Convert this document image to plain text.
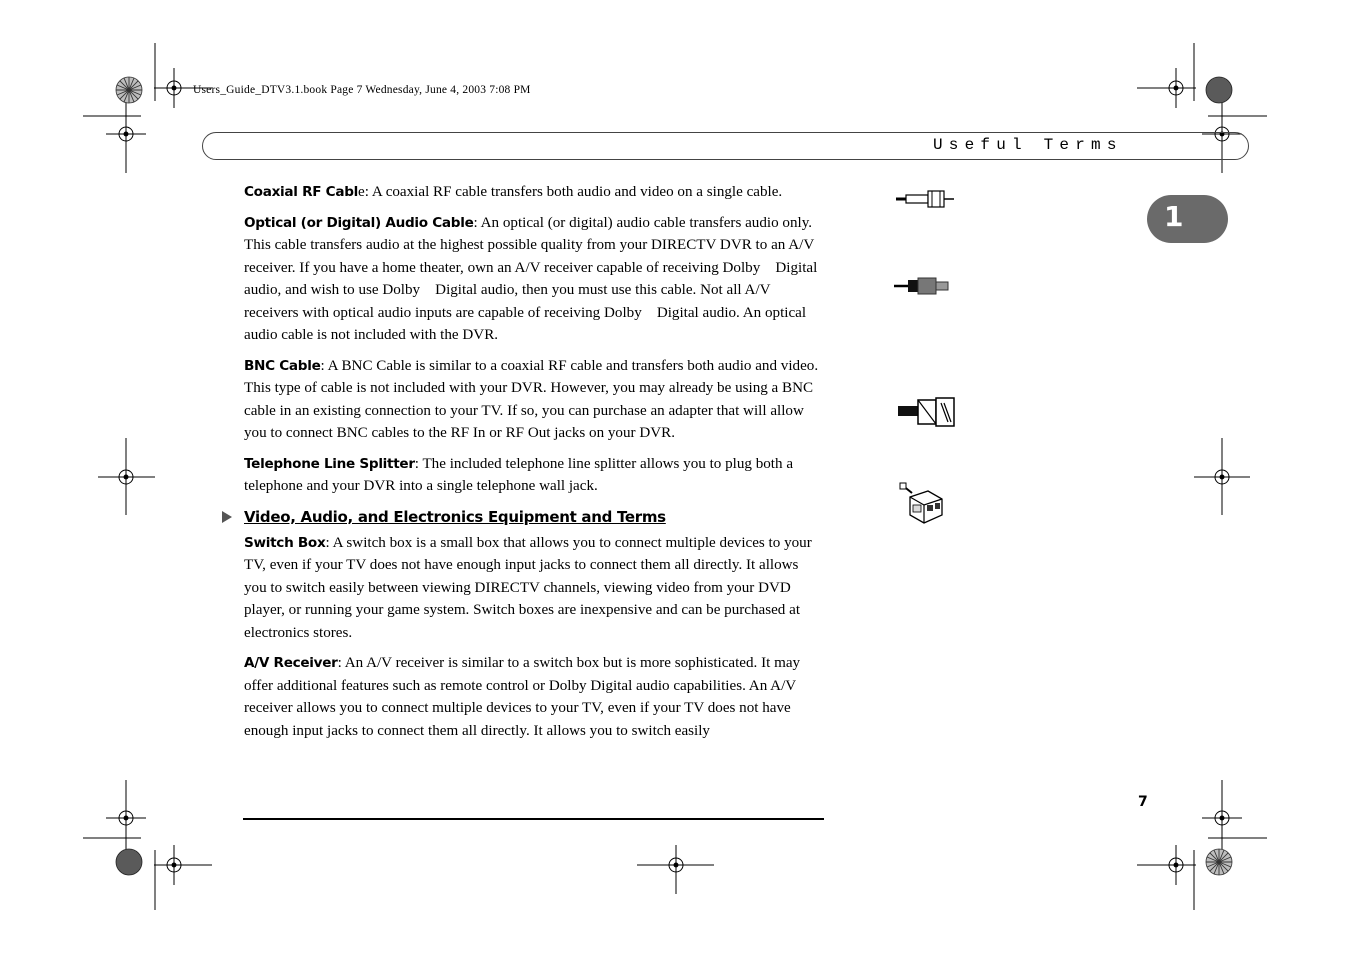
Users_Guide_DTV3.1.book Page 7 Wednesday, June 4, 2003 7:08 PM
Useful Terms
1

Coaxial RF Cable: A coaxial RF cable transfers both audio and video on a single cable.

Optical (or Digital) Audio Cable: An optical (or digital) audio cable transfers audio only. This cable transfers audio at the highest possible quality from your DIRECTV DVR to an A/V receiver. If you have a home theater, own an A/V receiver capable of receiving Dolby    Digital audio, and wish to use Dolby    Digital audio, then you must use this cable. Not all A/V receivers with optical audio inputs are capable of receiving Dolby    Digital audio. An optical audio cable is not included with the DVR.

BNC Cable: A BNC Cable is similar to a coaxial RF cable and transfers both audio and video. This type of cable is not included with your DVR. However, you may already be using a BNC cable in an existing connection to your TV. If so, you can purchase an adapter that will allow you to connect BNC cables to the RF In or RF Out jacks on your DVR.

Telephone Line Splitter: The included telephone line splitter allows you to plug both a telephone and your DVR into a single telephone wall jack.

Video, Audio, and Electronics Equipment and Terms

Switch Box: A switch box is a small box that allows you to connect multiple devices to your TV, even if your TV does not have enough input jacks to connect them all directly. It allows you to switch easily between viewing DIRECTV channels, viewing video from your DVD player, or running your game system. Switch boxes are inexpensive and can be purchased at electronics stores.

A/V Receiver: An A/V receiver is similar to a switch box but is more sophisticated. It may offer additional features such as remote control or Dolby Digital audio capabilities. An A/V receiver allows you to connect multiple devices to your TV, even if your TV does not have enough input jacks to connect them all directly. It allows you to switch easily

7
